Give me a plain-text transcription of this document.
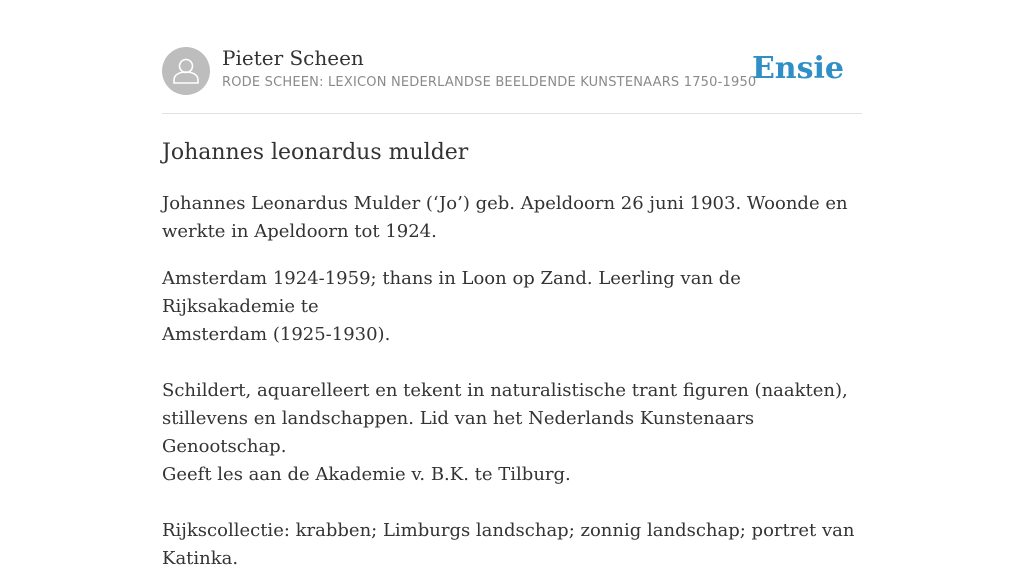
Pieter Scheen
RODE SCHEEN: LEXICON NEDERLANDSE BEELDENDE KUNSTENAARS 1750-1950
Ensie
Johannes leonardus mulder

Johannes Leonardus Mulder (‘Jo’) geb. Apeldoorn 26 juni 1903. Woonde en
werkte in Apeldoorn tot 1924.

Amsterdam 1924-1959; thans in Loon op Zand. Leerling van de Rijksakademie te
Amsterdam (1925-1930).

Schildert, aquarelleert en tekent in naturalistische trant figuren (naakten),
stillevens en landschappen. Lid van het Nederlands Kunstenaars Genootschap.
Geeft les aan de Akademie v. B.K. te Tilburg.

Rijkscollectie: krabben; Limburgs landschap; zonnig landschap; portret van
Katinka.
